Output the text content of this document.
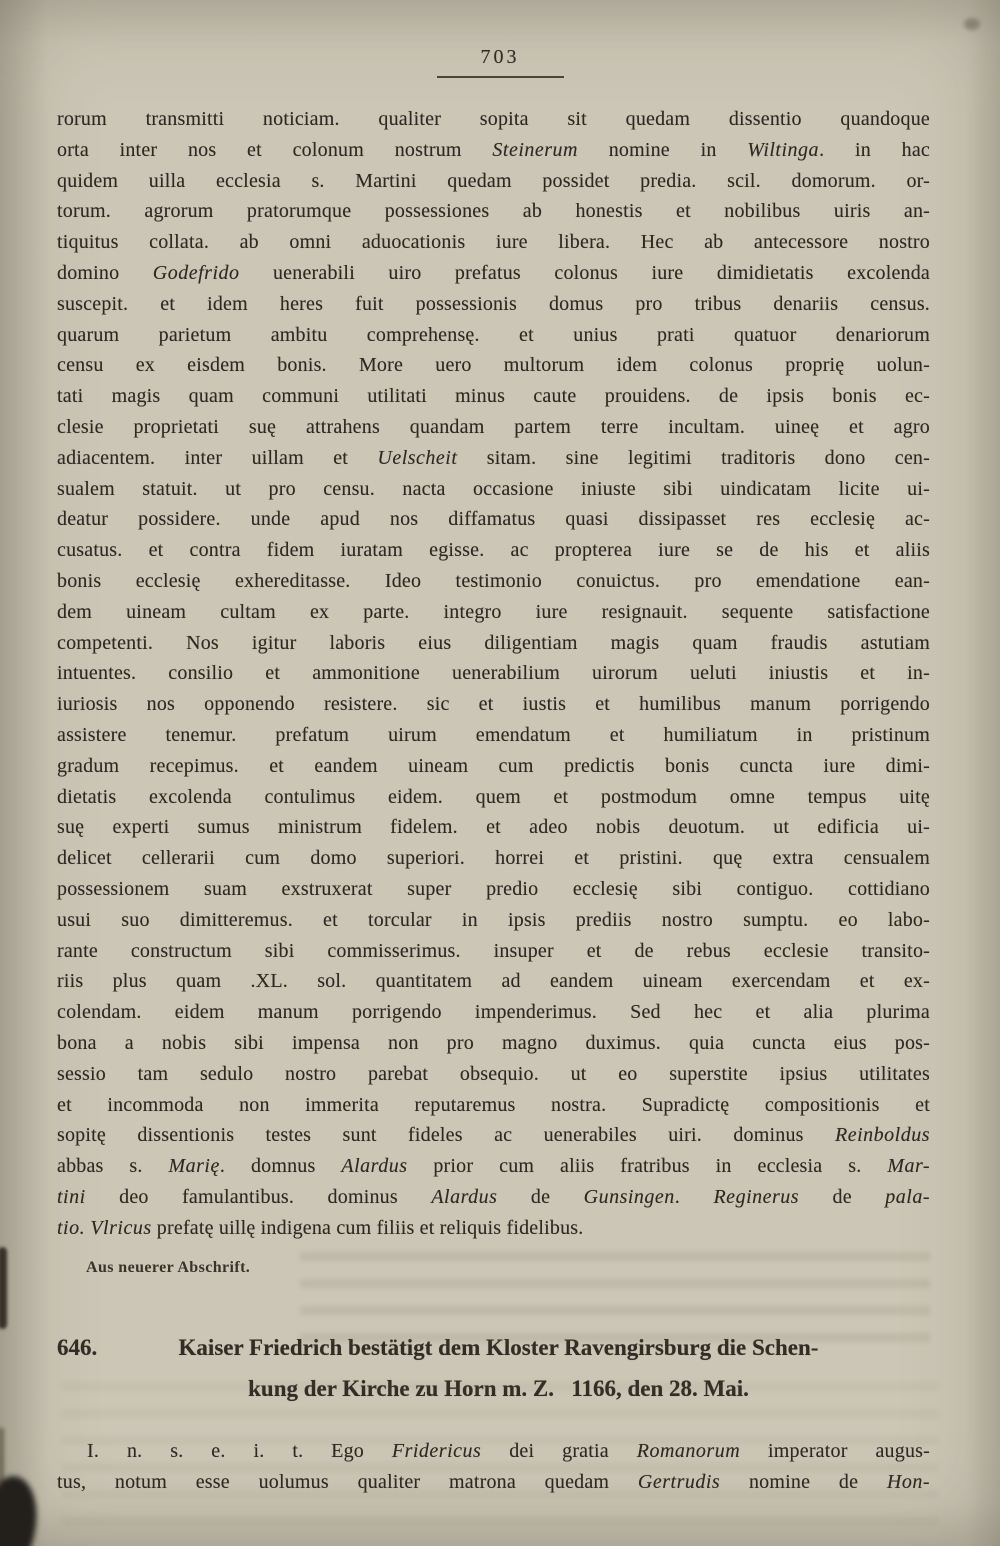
703
rorum transmitti noticiam. qualiter sopita sit quedam dissentio quandoque
orta inter nos et colonum nostrum Steinerum nomine in Wiltinga. in hac
quidem uilla ecclesia s. Martini quedam possidet predia. scil. domorum. or-
torum. agrorum pratorumque possessiones ab honestis et nobilibus uiris an-
tiquitus collata. ab omni aduocationis iure libera. Hec ab antecessore nostro
domino Godefrido uenerabili uiro prefatus colonus iure dimidietatis excolenda
suscepit. et idem heres fuit possessionis domus pro tribus denariis census.
quarum parietum ambitu comprehensę. et unius prati quatuor denariorum
censu ex eisdem bonis. More uero multorum idem colonus proprię uolun-
tati magis quam communi utilitati minus caute prouidens. de ipsis bonis ec-
clesie proprietati suę attrahens quandam partem terre incultam. uineę et agro
adiacentem. inter uillam et Uelscheit sitam. sine legitimi traditoris dono cen-
sualem statuit. ut pro censu. nacta occasione iniuste sibi uindicatam licite ui-
deatur possidere. unde apud nos diffamatus quasi dissipasset res ecclesię ac-
cusatus. et contra fidem iuratam egisse. ac propterea iure se de his et aliis
bonis ecclesię exhereditasse. Ideo testimonio conuictus. pro emendatione ean-
dem uineam cultam ex parte. integro iure resignauit. sequente satisfactione
competenti. Nos igitur laboris eius diligentiam magis quam fraudis astutiam
intuentes. consilio et ammonitione uenerabilium uirorum ueluti iniustis et in-
iuriosis nos opponendo resistere. sic et iustis et humilibus manum porrigendo
assistere tenemur. prefatum uirum emendatum et humiliatum in pristinum
gradum recepimus. et eandem uineam cum predictis bonis cuncta iure dimi-
dietatis excolenda contulimus eidem. quem et postmodum omne tempus uitę
suę experti sumus ministrum fidelem. et adeo nobis deuotum. ut edificia ui-
delicet cellerarii cum domo superiori. horrei et pristini. quę extra censualem
possessionem suam exstruxerat super predio ecclesię sibi contiguo. cottidiano
usui suo dimitteremus. et torcular in ipsis prediis nostro sumptu. eo labo-
rante constructum sibi commisserimus. insuper et de rebus ecclesie transito-
riis plus quam .XL. sol. quantitatem ad eandem uineam exercendam et ex-
colendam. eidem manum porrigendo impenderimus. Sed hec et alia plurima
bona a nobis sibi impensa non pro magno duximus. quia cuncta eius pos-
sessio tam sedulo nostro parebat obsequio. ut eo superstite ipsius utilitates
et incommoda non immerita reputaremus nostra. Supradictę compositionis et
sopitę dissentionis testes sunt fideles ac uenerabiles uiri. dominus Reinboldus
abbas s. Marię. domnus Alardus prior cum aliis fratribus in ecclesia s. Mar-
tini deo famulantibus. dominus Alardus de Gunsingen. Reginerus de pala-
tio. Vlricus prefatę uillę indigena cum filiis et reliquis fidelibus.
Aus neuerer Abschrift.
646.	Kaiser Friedrich bestätigt dem Kloster Ravengirsburg die Schen-
kung der Kirche zu Horn m. Z.   1166, den 28. Mai.
I. n. s. e. i. t. Ego Fridericus dei gratia Romanorum imperator augus-
tus, notum esse uolumus qualiter matrona quedam Gertrudis nomine de Hon-
